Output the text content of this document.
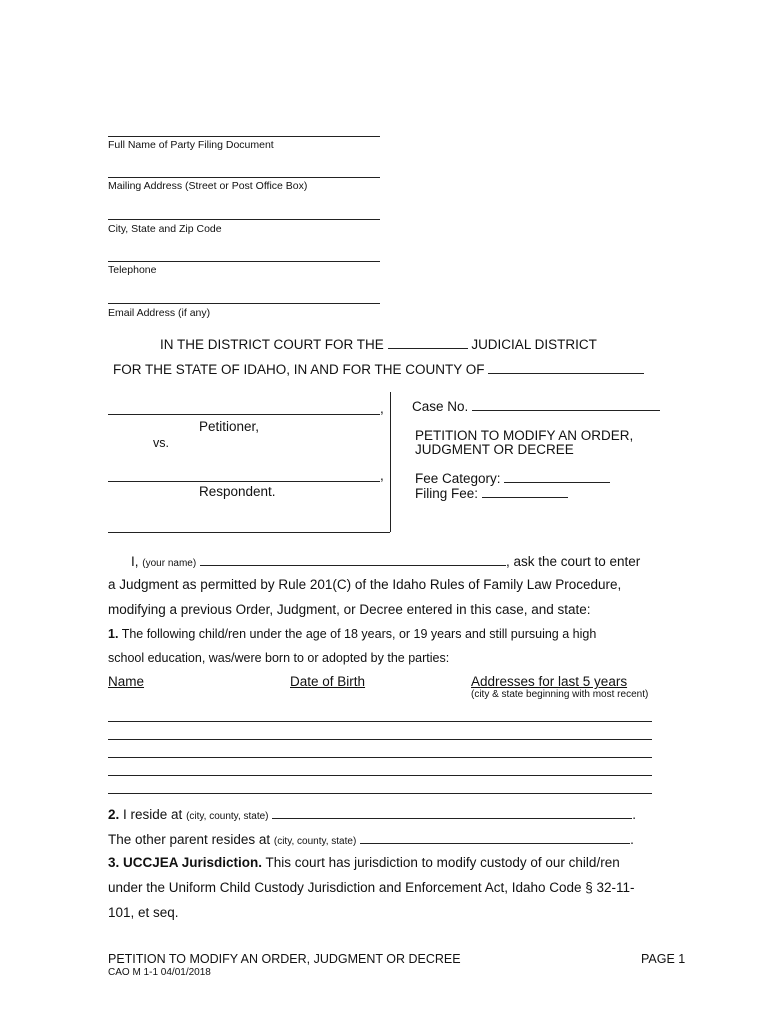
Full Name of Party Filing Document
Mailing Address (Street or Post Office Box)
City, State and Zip Code
Telephone
Email Address (if any)
IN THE DISTRICT COURT FOR THE	JUDICIAL DISTRICT
FOR THE STATE OF IDAHO, IN AND FOR THE COUNTY OF
,
Petitioner,
vs.
,
Respondent.
Case No.
PETITION TO MODIFY AN ORDER,
JUDGMENT OR DECREE
Fee Category:
Filing Fee:
I, (your name)	, ask the court to enter
a Judgment as permitted by Rule 201(C) of the Idaho Rules of Family Law Procedure,
modifying a previous Order, Judgment, or Decree entered in this case, and state:
1. The following child/ren under the age of 18 years, or 19 years and still pursuing a high
school education, was/were born to or adopted by the parties:
Name	Date of Birth	Addresses for last 5 years
(city & state beginning with most recent)
2. I reside at (city, county, state)	.
The other parent resides at (city, county, state)	.
3. UCCJEA Jurisdiction. This court has jurisdiction to modify custody of our child/ren
under the Uniform Child Custody Jurisdiction and Enforcement Act, Idaho Code § 32-11-
101, et seq.
PETITION TO MODIFY AN ORDER, JUDGMENT OR DECREE
CAO M 1-1 04/01/2018
PAGE 1
